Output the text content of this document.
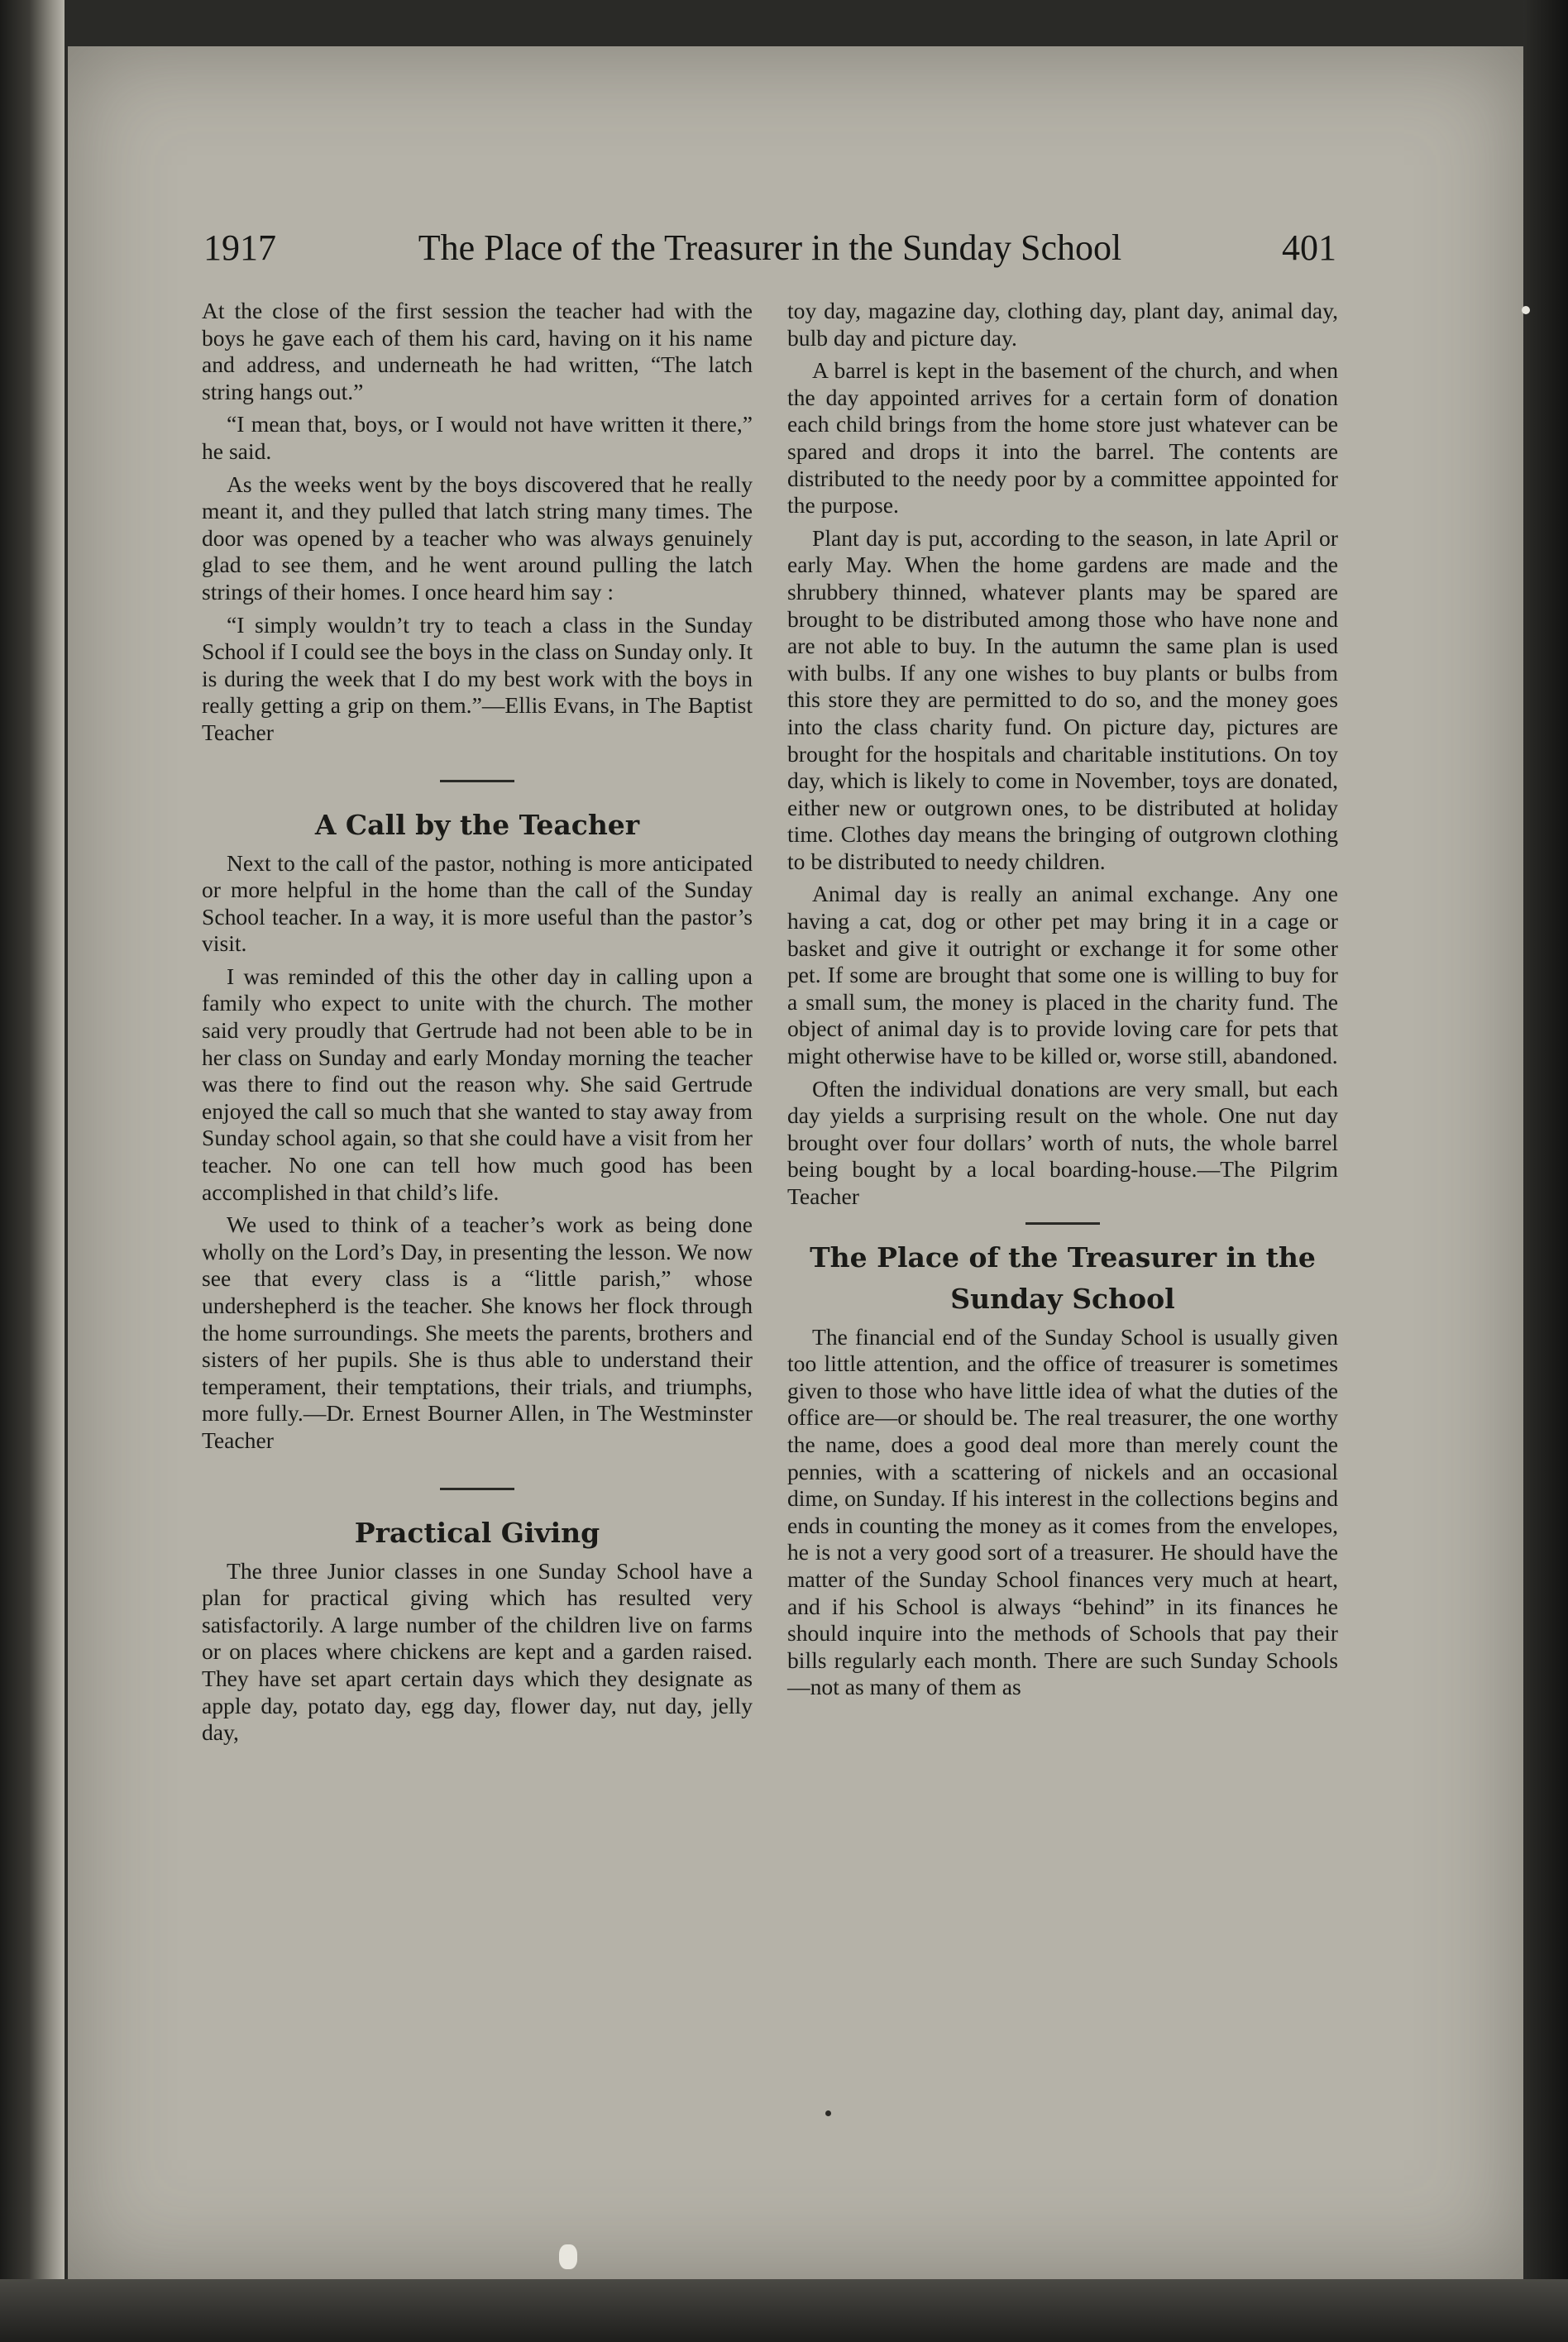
1917	The Place of the Treasurer in the Sunday School	401

At the close of the first session the teacher had with the boys he gave each of them his card, having on it his name and address, and underneath he had written, “The latch string hangs out.”

“I mean that, boys, or I would not have written it there,” he said.

As the weeks went by the boys discovered that he really meant it, and they pulled that latch string many times. The door was opened by a teacher who was always genuinely glad to see them, and he went around pulling the latch strings of their homes. I once heard him say :

“I simply wouldn’t try to teach a class in the Sunday School if I could see the boys in the class on Sunday only. It is during the week that I do my best work with the boys in really getting a grip on them.”—Ellis Evans, in The Baptist Teacher

A Call by the Teacher

Next to the call of the pastor, nothing is more anticipated or more helpful in the home than the call of the Sunday School teacher. In a way, it is more useful than the pastor’s visit.

I was reminded of this the other day in calling upon a family who expect to unite with the church. The mother said very proudly that Gertrude had not been able to be in her class on Sunday and early Monday morning the teacher was there to find out the reason why. She said Gertrude enjoyed the call so much that she wanted to stay away from Sunday school again, so that she could have a visit from her teacher. No one can tell how much good has been accomplished in that child’s life.

We used to think of a teacher’s work as being done wholly on the Lord’s Day, in presenting the lesson. We now see that every class is a “little parish,” whose undershepherd is the teacher. She knows her flock through the home surroundings. She meets the parents, brothers and sisters of her pupils. She is thus able to understand their temperament, their temptations, their trials, and triumphs, more fully.—Dr. Ernest Bourner Allen, in The Westminster Teacher

Practical Giving

The three Junior classes in one Sunday School have a plan for practical giving which has resulted very satisfactorily. A large number of the children live on farms or on places where chickens are kept and a garden raised. They have set apart certain days which they designate as apple day, potato day, egg day, flower day, nut day, jelly day,

toy day, magazine day, clothing day, plant day, animal day, bulb day and picture day.

A barrel is kept in the basement of the church, and when the day appointed arrives for a certain form of donation each child brings from the home store just whatever can be spared and drops it into the barrel. The contents are distributed to the needy poor by a committee appointed for the purpose.

Plant day is put, according to the season, in late April or early May. When the home gardens are made and the shrubbery thinned, whatever plants may be spared are brought to be distributed among those who have none and are not able to buy. In the autumn the same plan is used with bulbs. If any one wishes to buy plants or bulbs from this store they are permitted to do so, and the money goes into the class charity fund. On picture day, pictures are brought for the hospitals and charitable institutions. On toy day, which is likely to come in November, toys are donated, either new or outgrown ones, to be distributed at holiday time. Clothes day means the bringing of outgrown clothing to be distributed to needy children.

Animal day is really an animal exchange. Any one having a cat, dog or other pet may bring it in a cage or basket and give it outright or exchange it for some other pet. If some are brought that some one is willing to buy for a small sum, the money is placed in the charity fund. The object of animal day is to provide loving care for pets that might otherwise have to be killed or, worse still, abandoned.

Often the individual donations are very small, but each day yields a surprising result on the whole. One nut day brought over four dollars’ worth of nuts, the whole barrel being bought by a local boarding-house.—The Pilgrim Teacher

The Place of the Treasurer in the
Sunday School

The financial end of the Sunday School is usually given too little attention, and the office of treasurer is sometimes given to those who have little idea of what the duties of the office are—or should be. The real treasurer, the one worthy the name, does a good deal more than merely count the pennies, with a scattering of nickels and an occasional dime, on Sunday. If his interest in the collections begins and ends in counting the money as it comes from the envelopes, he is not a very good sort of a treasurer. He should have the matter of the Sunday School finances very much at heart, and if his School is always “behind” in its finances he should inquire into the methods of Schools that pay their bills regularly each month. There are such Sunday Schools—not as many of them as
